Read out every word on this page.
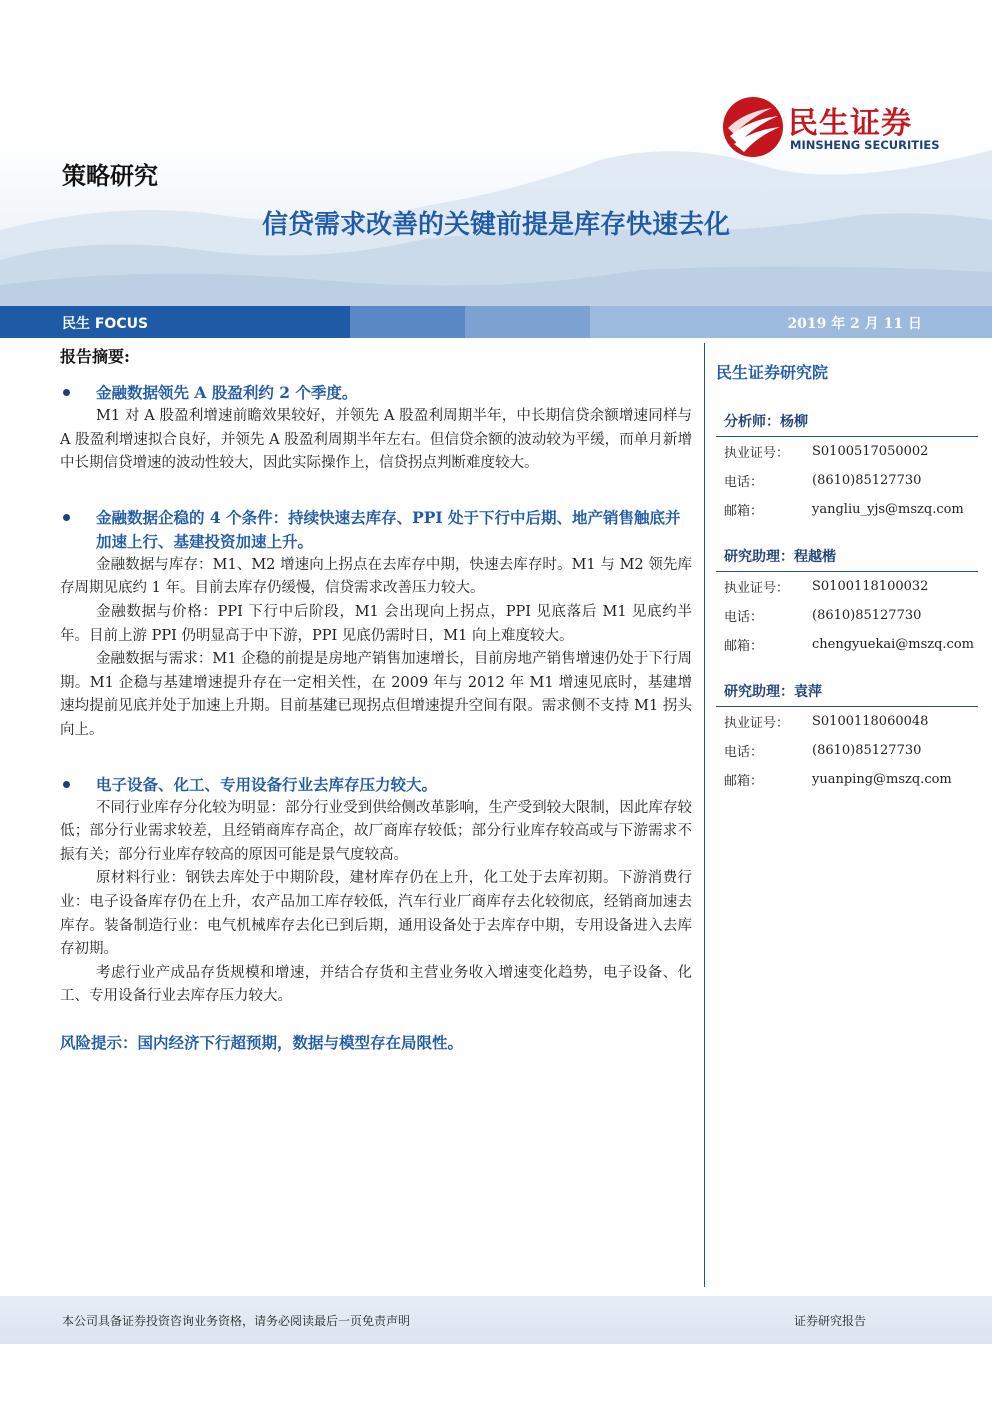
民生证券
MINSHENG SECURITIES
策略研究
信贷需求改善的关键前提是库存快速去化
民生 FOCUS	2019 年 2 月 11 日
报告摘要:
金融数据领先 A 股盈利约 2 个季度。
M1 对 A 股盈利增速前瞻效果较好，并领先 A 股盈利周期半年，中长期信贷余额增速同样与 A 股盈利增速拟合良好，并领先 A 股盈利周期半年左右。但信贷余额的波动较为平缓，而单月新增中长期信贷增速的波动性较大，因此实际操作上，信贷拐点判断难度较大。
金融数据企稳的 4 个条件：持续快速去库存、PPI 处于下行中后期、地产销售触底并加速上行、基建投资加速上升。
金融数据与库存：M1、M2 增速向上拐点在去库存中期，快速去库存时。M1 与 M2 领先库存周期见底约 1 年。目前去库存仍缓慢，信贷需求改善压力较大。
金融数据与价格：PPI 下行中后阶段，M1 会出现向上拐点，PPI 见底落后 M1 见底约半年。目前上游 PPI 仍明显高于中下游，PPI 见底仍需时日，M1 向上难度较大。
金融数据与需求：M1 企稳的前提是房地产销售加速增长，目前房地产销售增速仍处于下行周期。M1 企稳与基建增速提升存在一定相关性，在 2009 年与 2012 年 M1 增速见底时，基建增速均提前见底并处于加速上升期。目前基建已现拐点但增速提升空间有限。需求侧不支持 M1 拐头向上。
电子设备、化工、专用设备行业去库存压力较大。
不同行业库存分化较为明显：部分行业受到供给侧改革影响，生产受到较大限制，因此库存较低；部分行业需求较差，且经销商库存高企，故厂商库存较低；部分行业库存较高或与下游需求不振有关；部分行业库存较高的原因可能是景气度较高。
原材料行业：钢铁去库处于中期阶段，建材库存仍在上升，化工处于去库初期。下游消费行业：电子设备库存仍在上升，农产品加工库存较低，汽车行业厂商库存去化较彻底，经销商加速去库存。装备制造行业：电气机械库存去化已到后期，通用设备处于去库存中期，专用设备进入去库存初期。
考虑行业产成品存货规模和增速，并结合存货和主营业务收入增速变化趋势，电子设备、化工、专用设备行业去库存压力较大。
风险提示：国内经济下行超预期，数据与模型存在局限性。
民生证券研究院
分析师：杨柳
执业证号：	S0100517050002
电话：	(8610)85127730
邮箱：	yangliu_yjs@mszq.com
研究助理：程越楷
执业证号：	S0100118100032
电话：	(8610)85127730
邮箱：	chengyuekai@mszq.com
研究助理：袁萍
执业证号：	S0100118060048
电话：	(8610)85127730
邮箱：	yuanping@mszq.com
本公司具备证券投资咨询业务资格，请务必阅读最后一页免责声明	证券研究报告
